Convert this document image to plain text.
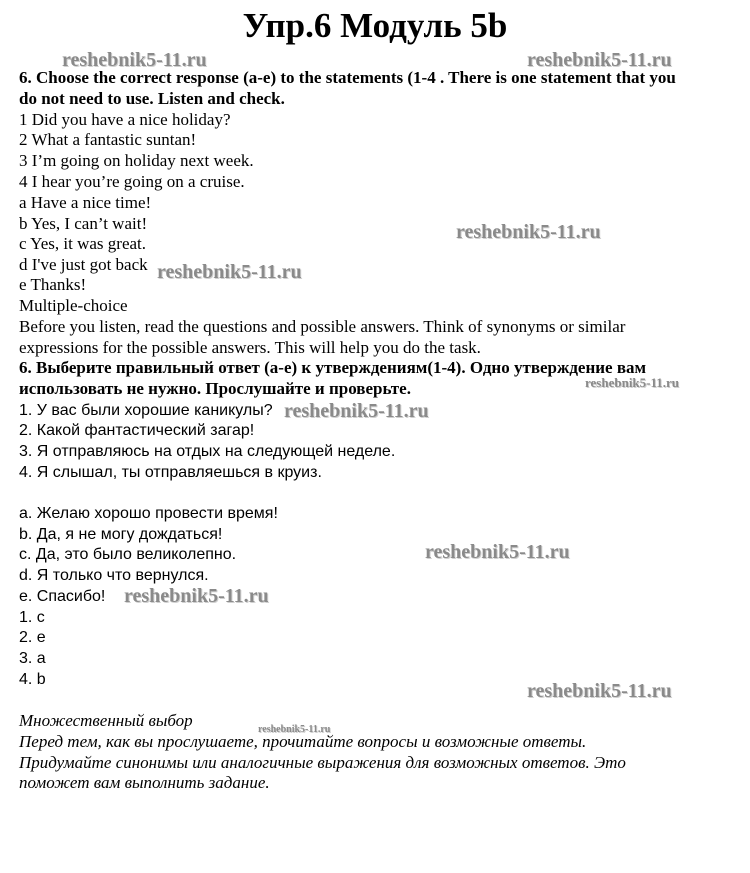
Упр.6 Модуль 5b
6. Choose the correct response (a-e) to the statements (1-4 . There is one statement that you
do not need to use. Listen and check.
1 Did you have a nice holiday?
2 What a fantastic suntan!
3 I’m going on holiday next week.
4 I hear you’re going on a cruise.
a Have a nice time!
b Yes, I can’t wait!
c Yes, it was great.
d I've just got back
e Thanks!
Multiple-choice
Before you listen, read the questions and possible answers. Think of synonyms or similar
expressions for the possible answers. This will help you do the task.
6. Выберите правильный ответ (a-e) к утверждениям(1-4). Одно утверждение вам
использовать не нужно. Прослушайте и проверьте.
1. У вас были хорошие каникулы?
2. Какой фантастический загар!
3. Я отправляюсь на отдых на следующей неделе.
4. Я слышал, ты отправляешься в круиз.
a. Желаю хорошо провести время!
b. Да, я не могу дождаться!
c. Да, это было великолепно.
d. Я только что вернулся.
e. Спасибо!
1. c
2. e
3. a
4. b
Множественный выбор
Перед тем, как вы прослушаете, прочитайте вопросы и возможные ответы.
Придумайте синонимы или аналогичные выражения для возможных ответов. Это
поможет вам выполнить задание.
reshebnik5-11.ru	reshebnik5-11.ru
reshebnik5-11.ru
reshebnik5-11.ru
reshebnik5-11.ru
reshebnik5-11.ru
reshebnik5-11.ru
reshebnik5-11.ru
reshebnik5-11.ru
reshebnik5-11.ru
